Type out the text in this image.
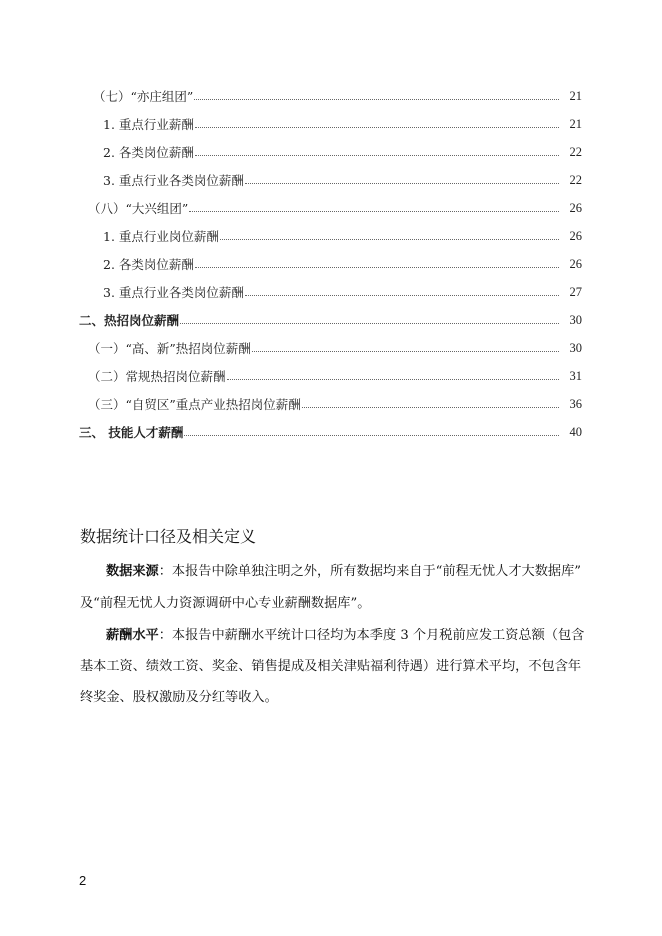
（七）“亦庄组团”	21
1. 重点行业薪酬	21
2. 各类岗位薪酬	22
3. 重点行业各类岗位薪酬	22
（八）“大兴组团”	26
1. 重点行业岗位薪酬	26
2. 各类岗位薪酬	26
3. 重点行业各类岗位薪酬	27
二、热招岗位薪酬	30
（一）“高、新”热招岗位薪酬	30
（二）常规热招岗位薪酬	31
（三）“自贸区”重点产业热招岗位薪酬	36
三、 技能人才薪酬	40
数据统计口径及相关定义
数据来源：本报告中除单独注明之外，所有数据均来自于“前程无忧人才大数据库”
及“前程无忧人力资源调研中心专业薪酬数据库”。
薪酬水平：本报告中薪酬水平统计口径均为本季度 3 个月税前应发工资总额（包含
基本工资、绩效工资、奖金、销售提成及相关津贴福利待遇）进行算术平均，不包含年
终奖金、股权激励及分红等收入。
2
